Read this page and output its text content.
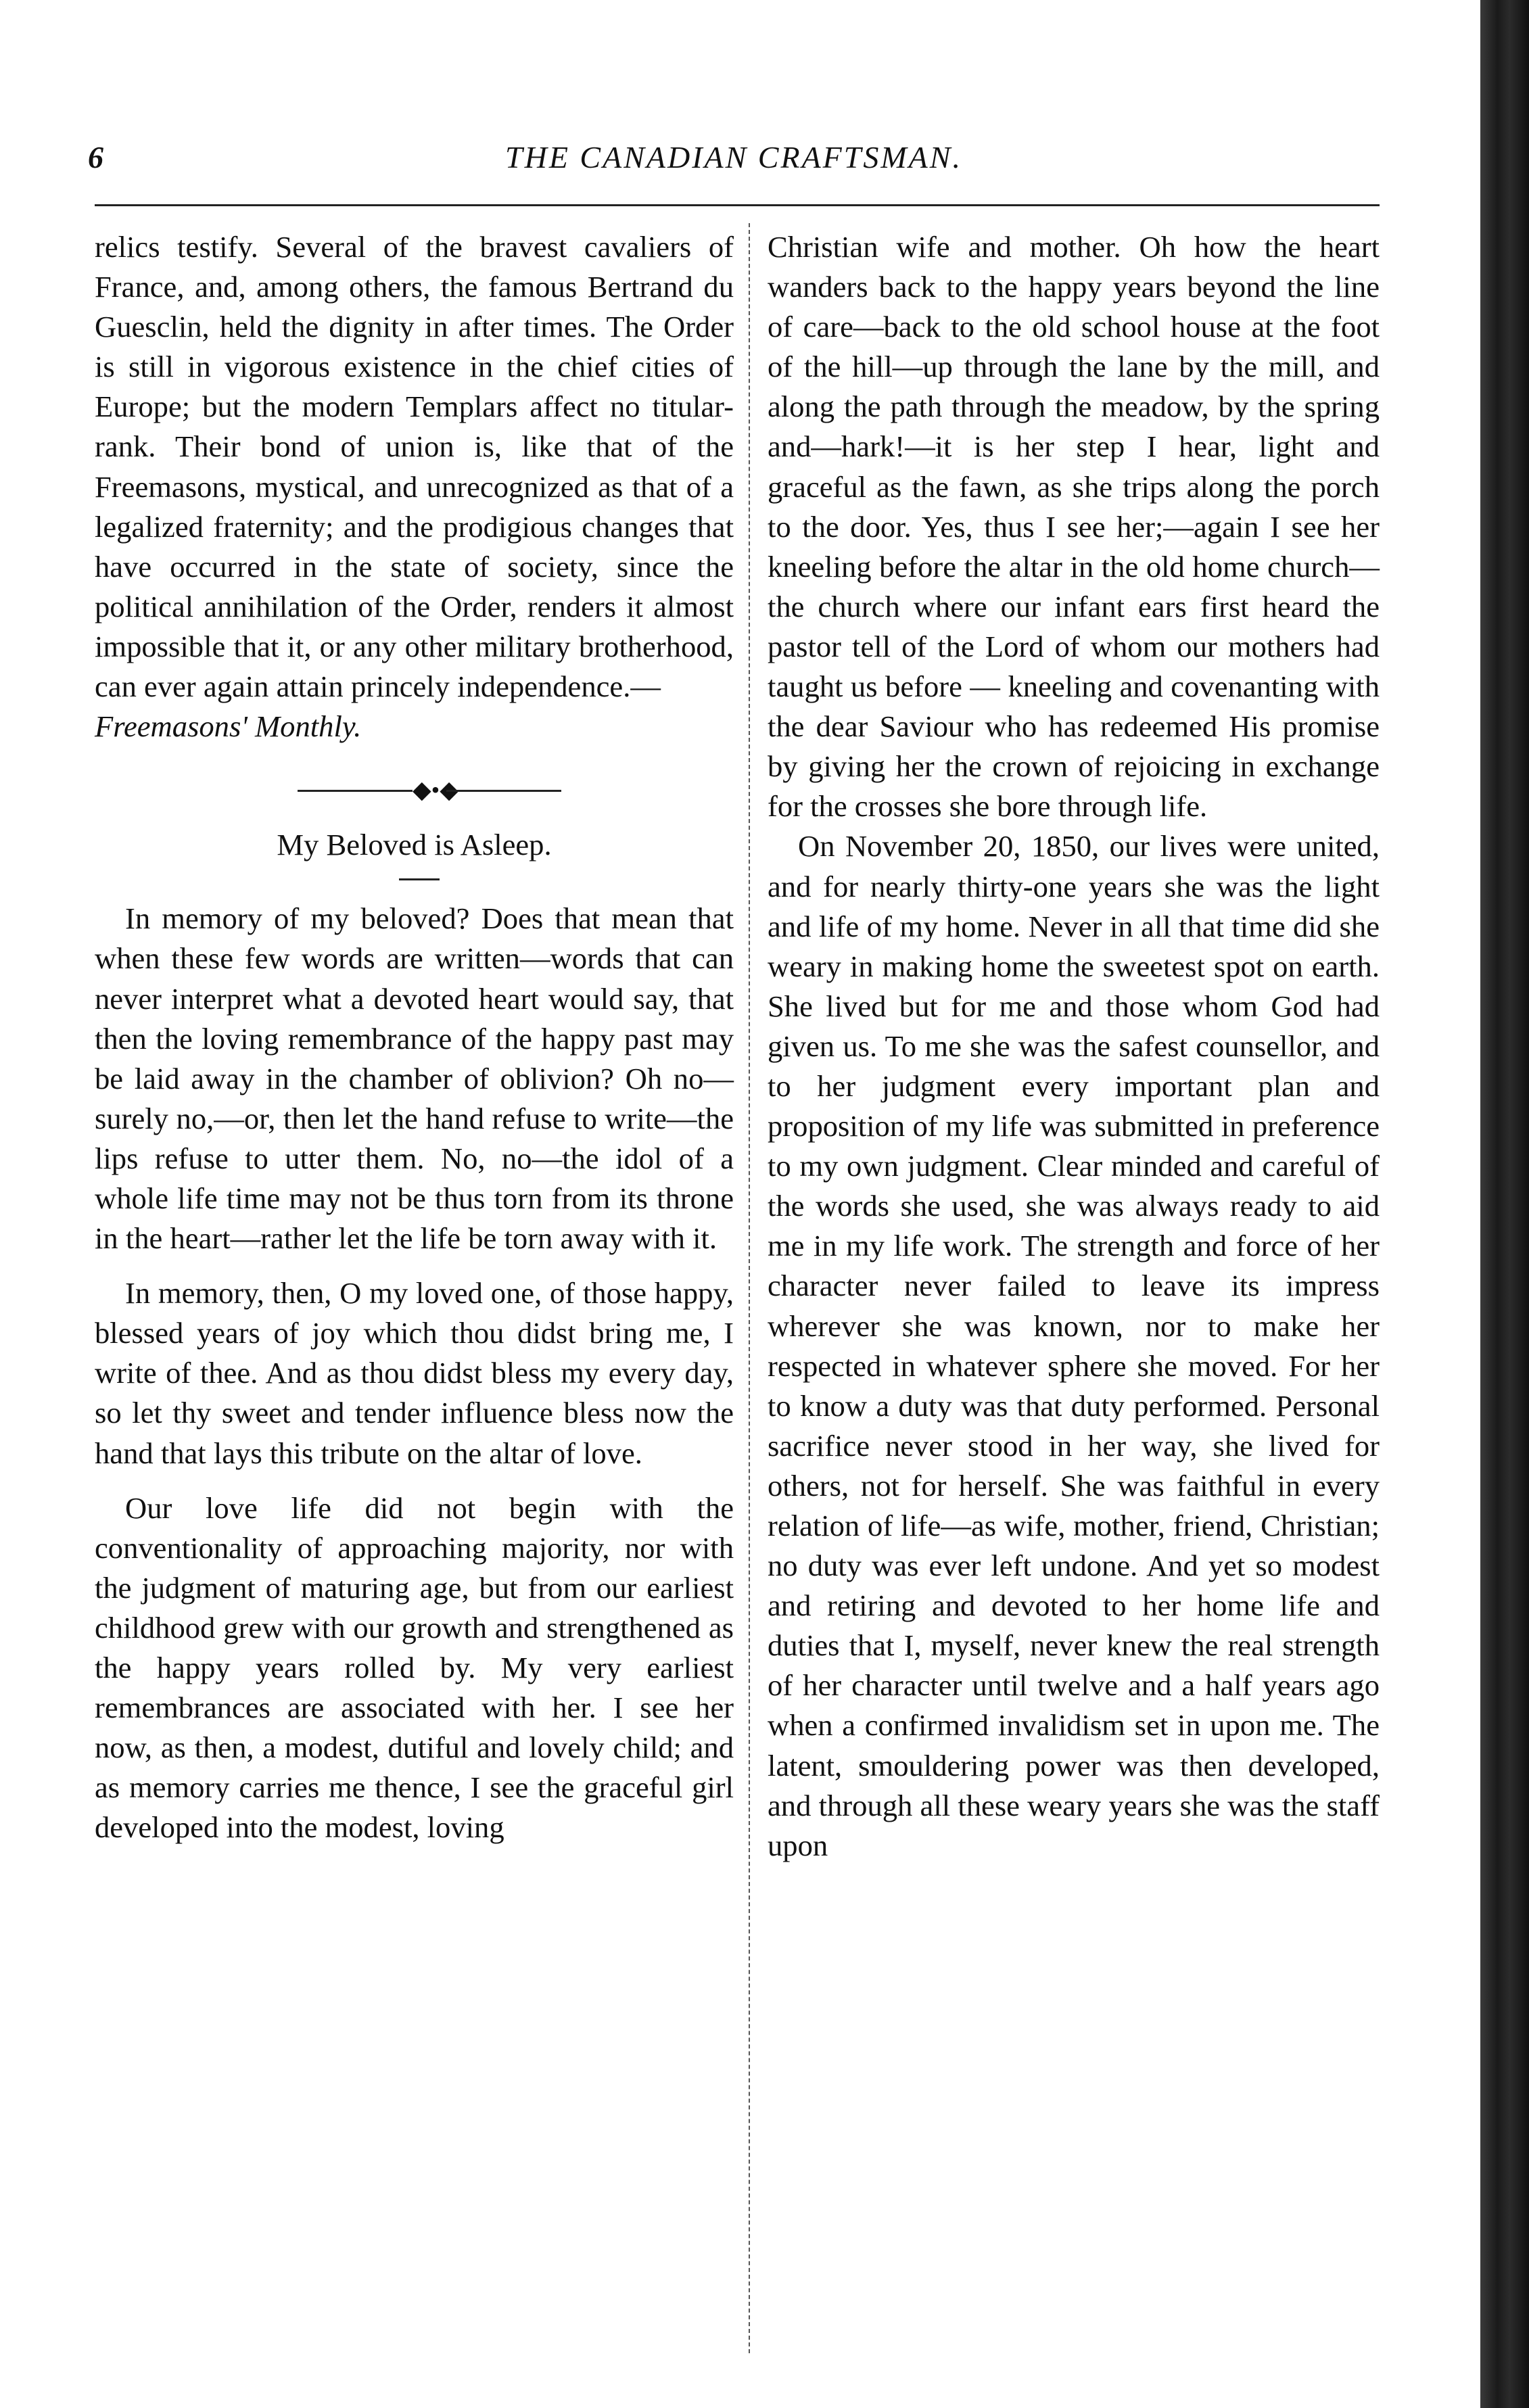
6	THE CANADIAN CRAFTSMAN.

relics testify. Several of the bravest cavaliers of France, and, among others, the famous Bertrand du Guesclin, held the dignity in after times. The Order is still in vigorous existence in the chief cities of Europe; but the modern Templars affect no titular-rank. Their bond of union is, like that of the Freemasons, mystical, and unrecognized as that of a legalized fraternity; and the prodigious changes that have occurred in the state of society, since the political annihilation of the Order, renders it almost impossible that it, or any other military brotherhood, can ever again attain princely independence.—

Freemasons' Monthly.

◆•◆

My Beloved is Asleep.

In memory of my beloved? Does that mean that when these few words are written—words that can never interpret what a devoted heart would say, that then the loving remembrance of the happy past may be laid away in the chamber of oblivion? Oh no—surely no,—or, then let the hand refuse to write—the lips refuse to utter them. No, no—the idol of a whole life time may not be thus torn from its throne in the heart—rather let the life be torn away with it.

In memory, then, O my loved one, of those happy, blessed years of joy which thou didst bring me, I write of thee. And as thou didst bless my every day, so let thy sweet and tender influence bless now the hand that lays this tribute on the altar of love.

Our love life did not begin with the conventionality of approaching majority, nor with the judgment of maturing age, but from our earliest childhood grew with our growth and strengthened as the happy years rolled by. My very earliest remembrances are associated with her. I see her now, as then, a modest, dutiful and lovely child; and as memory carries me thence, I see the graceful girl developed into the modest, loving

Christian wife and mother. Oh how the heart wanders back to the happy years beyond the line of care—back to the old school house at the foot of the hill—up through the lane by the mill, and along the path through the meadow, by the spring and—hark!—it is her step I hear, light and graceful as the fawn, as she trips along the porch to the door. Yes, thus I see her;—again I see her kneeling before the altar in the old home church—the church where our infant ears first heard the pastor tell of the Lord of whom our mothers had taught us before — kneeling and covenanting with the dear Saviour who has redeemed His promise by giving her the crown of rejoicing in exchange for the crosses she bore through life.

On November 20, 1850, our lives were united, and for nearly thirty-one years she was the light and life of my home. Never in all that time did she weary in making home the sweetest spot on earth. She lived but for me and those whom God had given us. To me she was the safest counsellor, and to her judgment every important plan and proposition of my life was submitted in preference to my own judgment. Clear minded and careful of the words she used, she was always ready to aid me in my life work. The strength and force of her character never failed to leave its impress wherever she was known, nor to make her respected in whatever sphere she moved. For her to know a duty was that duty performed. Personal sacrifice never stood in her way, she lived for others, not for herself. She was faithful in every relation of life—as wife, mother, friend, Christian; no duty was ever left undone. And yet so modest and retiring and devoted to her home life and duties that I, myself, never knew the real strength of her character until twelve and a half years ago when a confirmed invalidism set in upon me. The latent, smouldering power was then developed, and through all these weary years she was the staff upon
